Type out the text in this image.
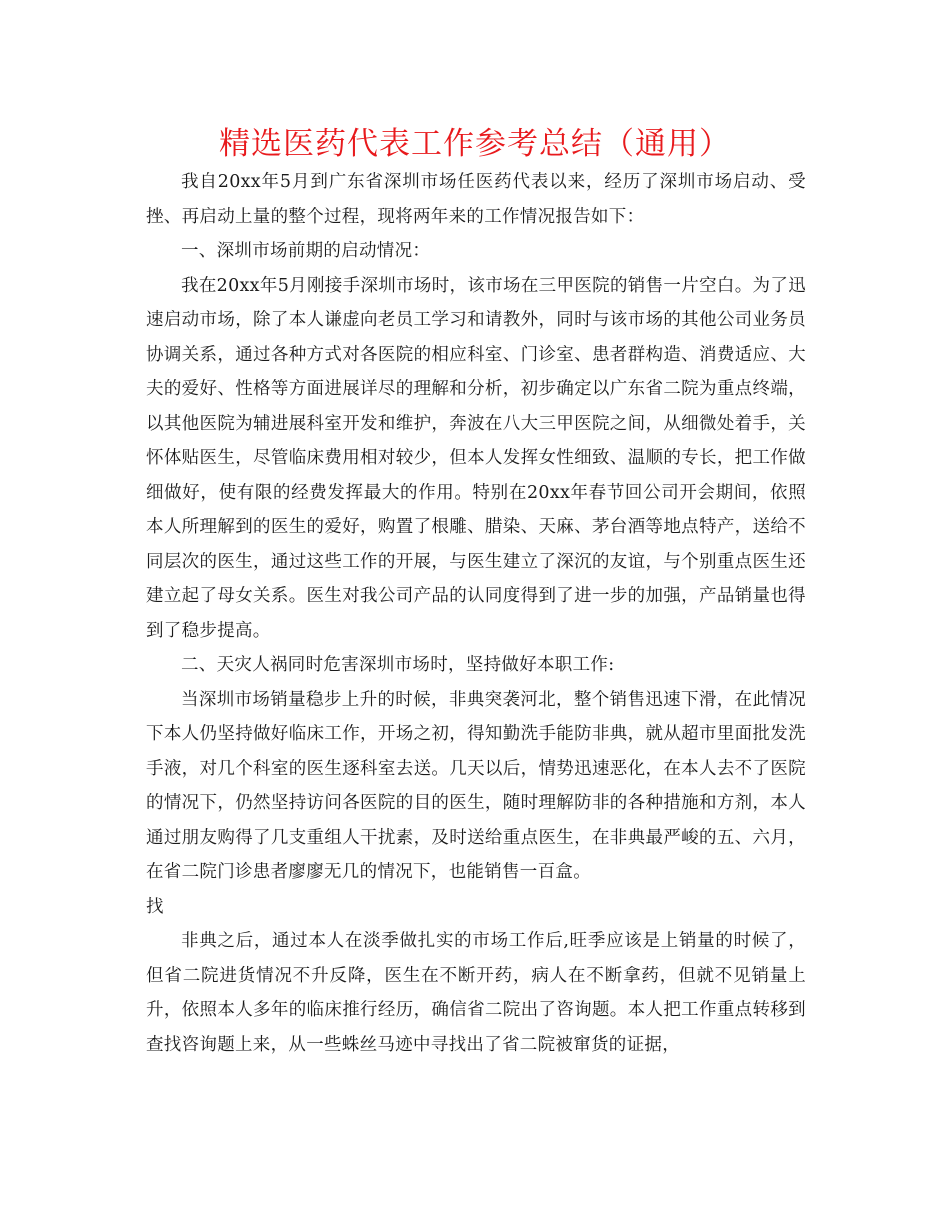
精选医药代表工作参考总结（通用）

我自20xx年5月到广东省深圳市场任医药代表以来，经历了深圳市场启动、受挫、再启动上量的整个过程，现将两年来的工作情况报告如下：

一、深圳市场前期的启动情况：

我在20xx年5月刚接手深圳市场时，该市场在三甲医院的销售一片空白。为了迅速启动市场，除了本人谦虚向老员工学习和请教外，同时与该市场的其他公司业务员协调关系，通过各种方式对各医院的相应科室、门诊室、患者群构造、消费适应、大夫的爱好、性格等方面进展详尽的理解和分析，初步确定以广东省二院为重点终端，以其他医院为辅进展科室开发和维护，奔波在八大三甲医院之间，从细微处着手，关怀体贴医生，尽管临床费用相对较少，但本人发挥女性细致、温顺的专长，把工作做细做好，使有限的经费发挥最大的作用。特别在20xx年春节回公司开会期间，依照本人所理解到的医生的爱好，购置了根雕、腊染、天麻、茅台酒等地点特产，送给不同层次的医生，通过这些工作的开展，与医生建立了深沉的友谊，与个别重点医生还建立起了母女关系。医生对我公司产品的认同度得到了进一步的加强，产品销量也得到了稳步提高。

二、天灾人祸同时危害深圳市场时，坚持做好本职工作:

当深圳市场销量稳步上升的时候，非典突袭河北，整个销售迅速下滑，在此情况下本人仍坚持做好临床工作，开场之初，得知勤洗手能防非典，就从超市里面批发洗手液，对几个科室的医生逐科室去送。几天以后，情势迅速恶化，在本人去不了医院的情况下，仍然坚持访问各医院的目的医生，随时理解防非的各种措施和方剂，本人通过朋友购得了几支重组人干扰素，及时送给重点医生，在非典最严峻的五、六月，在省二院门诊患者廖廖无几的情况下，也能销售一百盒。

找

非典之后，通过本人在淡季做扎实的市场工作后,旺季应该是上销量的时候了，但省二院进货情况不升反降，医生在不断开药，病人在不断拿药，但就不见销量上升，依照本人多年的临床推行经历，确信省二院出了咨询题。本人把工作重点转移到查找咨询题上来，从一些蛛丝马迹中寻找出了省二院被窜货的证据，
